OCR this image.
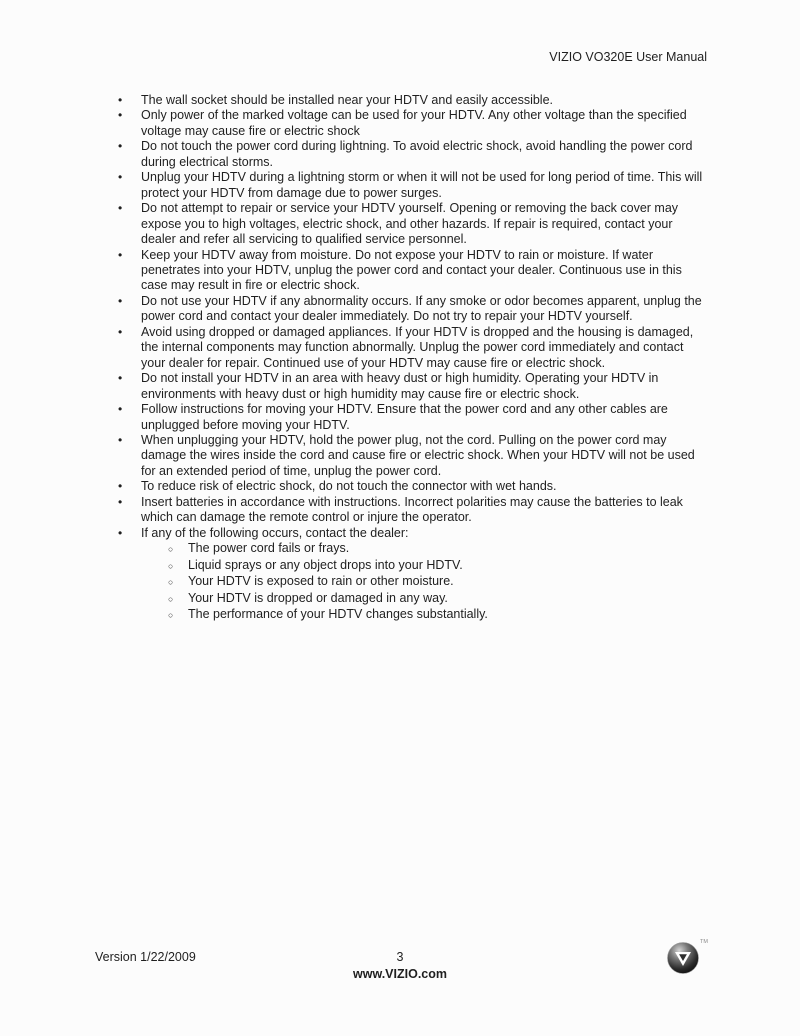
VIZIO VO320E User Manual
•	The wall socket should be installed near your HDTV and easily accessible.
•	Only power of the marked voltage can be used for your HDTV. Any other voltage than the specified voltage may cause fire or electric shock
•	Do not touch the power cord during lightning. To avoid electric shock, avoid handling the power cord during electrical storms.
•	Unplug your HDTV during a lightning storm or when it will not be used for long period of time. This will protect your HDTV from damage due to power surges.
•	Do not attempt to repair or service your HDTV yourself. Opening or removing the back cover may expose you to high voltages, electric shock, and other hazards. If repair is required, contact your dealer and refer all servicing to qualified service personnel.
•	Keep your HDTV away from moisture. Do not expose your HDTV to rain or moisture. If water penetrates into your HDTV, unplug the power cord and contact your dealer. Continuous use in this case may result in fire or electric shock.
•	Do not use your HDTV if any abnormality occurs. If any smoke or odor becomes apparent, unplug the power cord and contact your dealer immediately. Do not try to repair your HDTV yourself.
•	Avoid using dropped or damaged appliances. If your HDTV is dropped and the housing is damaged, the internal components may function abnormally. Unplug the power cord immediately and contact your dealer for repair. Continued use of your HDTV may cause fire or electric shock.
•	Do not install your HDTV in an area with heavy dust or high humidity. Operating your HDTV in environments with heavy dust or high humidity may cause fire or electric shock.
•	Follow instructions for moving your HDTV. Ensure that the power cord and any other cables are unplugged before moving your HDTV.
•	When unplugging your HDTV, hold the power plug, not the cord. Pulling on the power cord may damage the wires inside the cord and cause fire or electric shock. When your HDTV will not be used for an extended period of time, unplug the power cord.
•	To reduce risk of electric shock, do not touch the connector with wet hands.
•	Insert batteries in accordance with instructions. Incorrect polarities may cause the batteries to leak which can damage the remote control or injure the operator.
•	If any of the following occurs, contact the dealer:
○	The power cord fails or frays.
○	Liquid sprays or any object drops into your HDTV.
○	Your HDTV is exposed to rain or other moisture.
○	Your HDTV is dropped or damaged in any way.
○	The performance of your HDTV changes substantially.
Version 1/22/2009	3
www.VIZIO.com
TM
